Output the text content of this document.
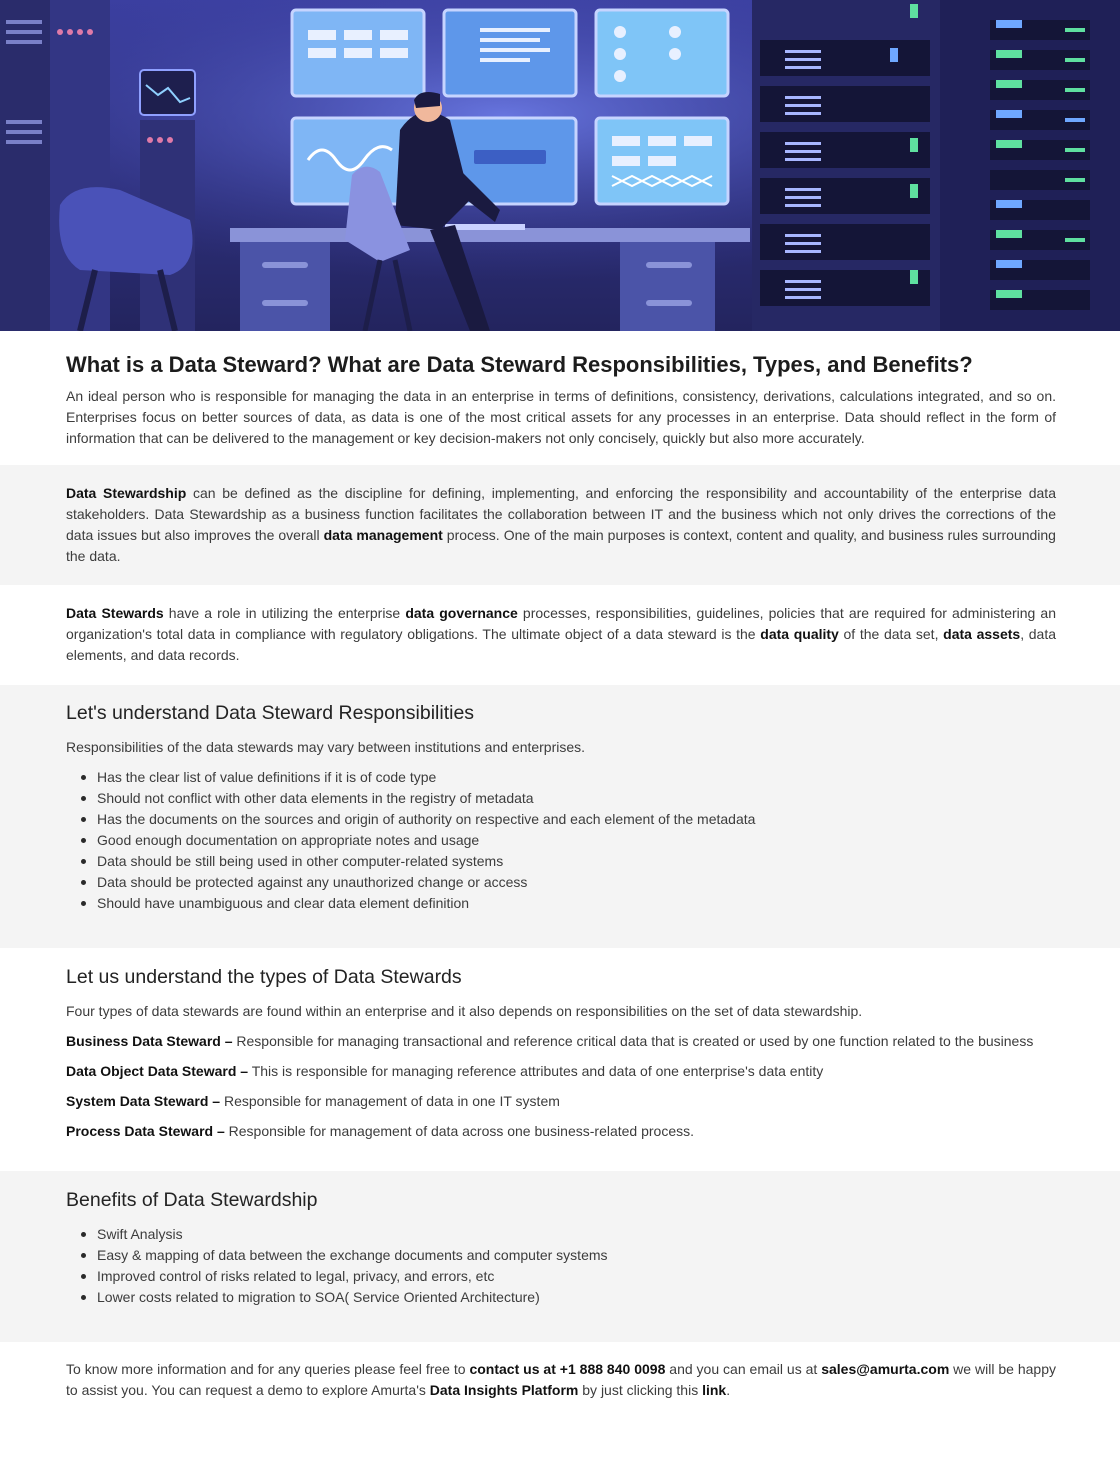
What is a Data Steward? What are Data Steward Responsibilities, Types, and Benefits?

An ideal person who is responsible for managing the data in an enterprise in terms of definitions, consistency, derivations, calculations integrated, and so on. Enterprises focus on better sources of data, as data is one of the most critical assets for any processes in an enterprise. Data should reflect in the form of information that can be delivered to the management or key decision-makers not only concisely, quickly but also more accurately.

Data Stewardship can be defined as the discipline for defining, implementing, and enforcing the responsibility and accountability of the enterprise data stakeholders. Data Stewardship as a business function facilitates the collaboration between IT and the business which not only drives the corrections of the data issues but also improves the overall data management process. One of the main purposes is context, content and quality, and business rules surrounding the data.

Data Stewards have a role in utilizing the enterprise data governance processes, responsibilities, guidelines, policies that are required for administering an organization's total data in compliance with regulatory obligations. The ultimate object of a data steward is the data quality of the data set, data assets, data elements, and data records.

Let's understand Data Steward Responsibilities

Responsibilities of the data stewards may vary between institutions and enterprises.

Has the clear list of value definitions if it is of code type
Should not conflict with other data elements in the registry of metadata
Has the documents on the sources and origin of authority on respective and each element of the metadata
Good enough documentation on appropriate notes and usage
Data should be still being used in other computer-related systems
Data should be protected against any unauthorized change or access
Should have unambiguous and clear data element definition
Let us understand the types of Data Stewards

Four types of data stewards are found within an enterprise and it also depends on responsibilities on the set of data stewardship.

Business Data Steward – Responsible for managing transactional and reference critical data that is created or used by one function related to the business

Data Object Data Steward – This is responsible for managing reference attributes and data of one enterprise's data entity

System Data Steward – Responsible for management of data in one IT system

Process Data Steward – Responsible for management of data across one business-related process.

Benefits of Data Stewardship
Swift Analysis
Easy & mapping of data between the exchange documents and computer systems
Improved control of risks related to legal, privacy, and errors, etc
Lower costs related to migration to SOA( Service Oriented Architecture)

To know more information and for any queries please feel free to contact us at +1 888 840 0098 and you can email us at sales@amurta.com we will be happy to assist you. You can request a demo to explore Amurta's Data Insights Platform by just clicking this link.
